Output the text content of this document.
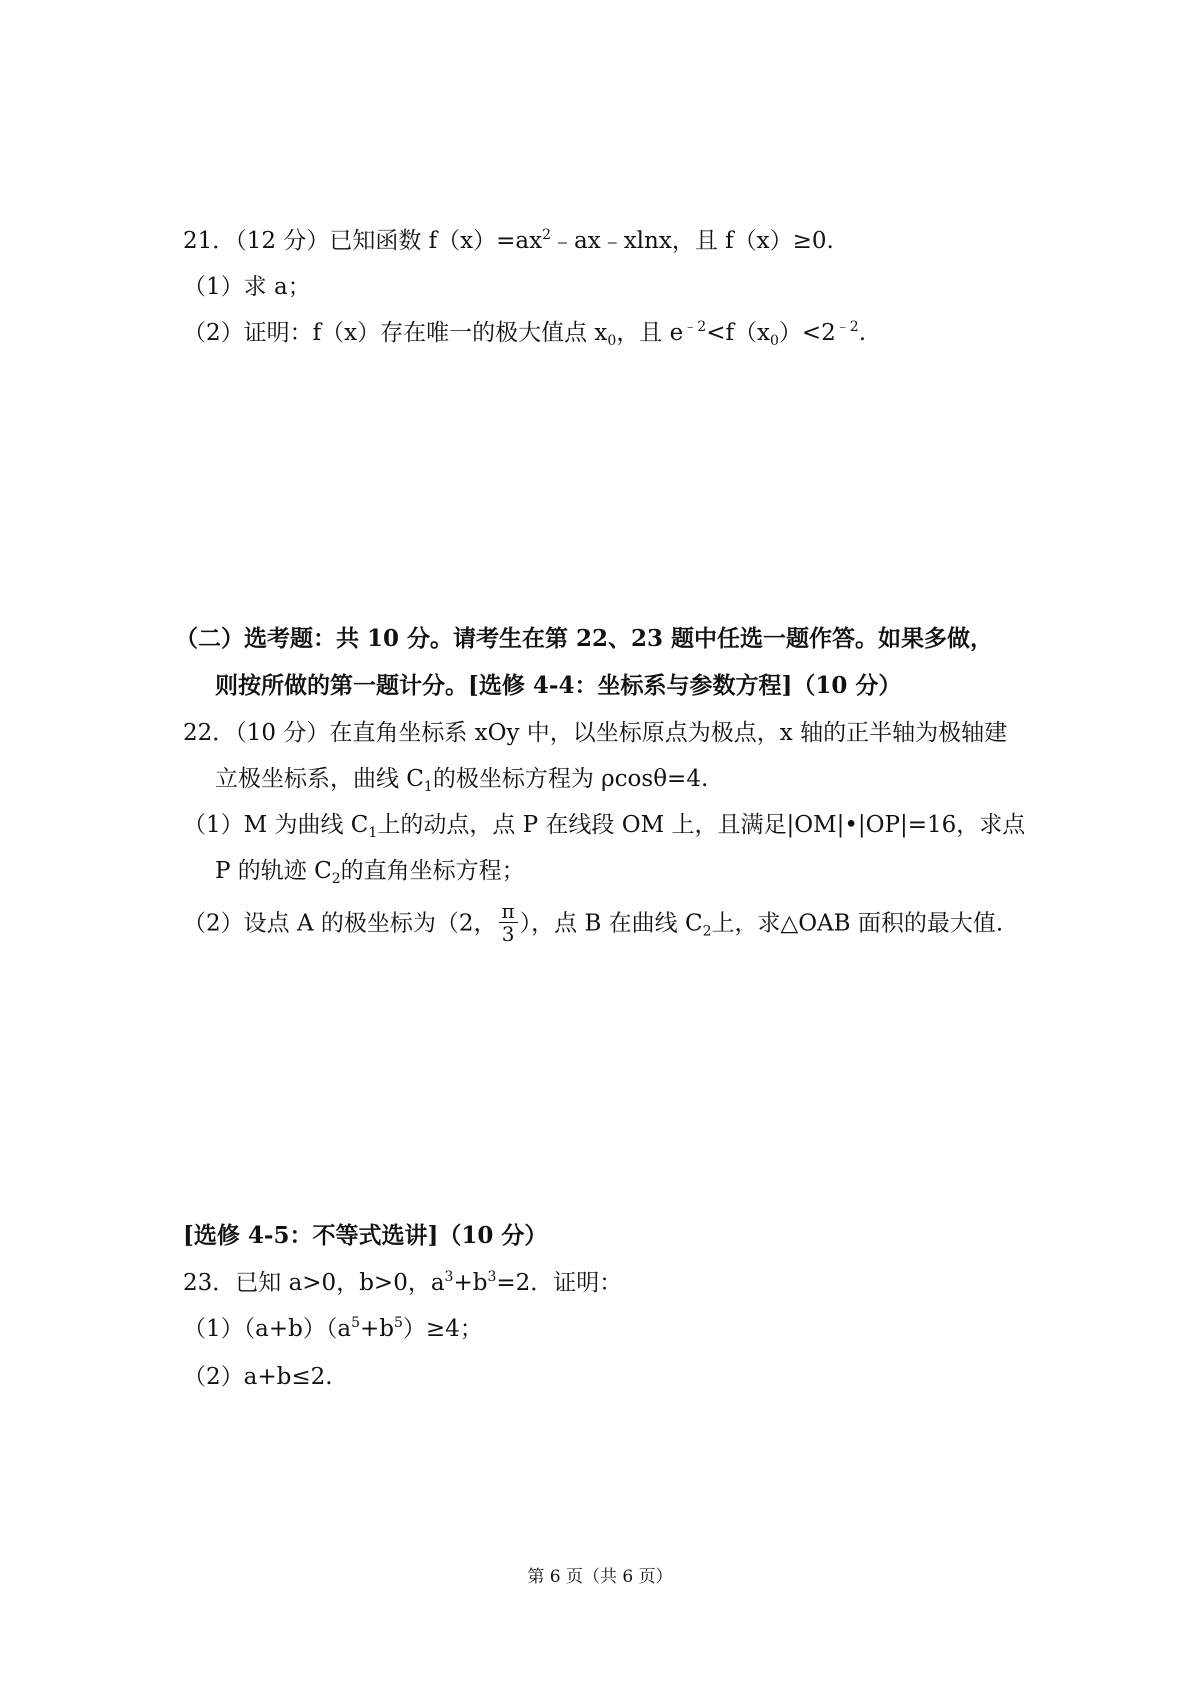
21．（12 分）已知函数 $f(x)=ax^2﹣ax﹣xlnx$，且 f（x）≥0.
（1）求 a；
（2）证明：f（x）存在唯一的极大值点 $x_0$，且 $e^{﹣2}<f(x_0)<2^{﹣2}$.
（二）选考题：共 10 分。请考生在第 22、23 题中任选一题作答。如果多做，
则按所做的第一题计分。[选修 4-4：坐标系与参数方程]（10 分）
22．（10 分）在直角坐标系 xOy 中，以坐标原点为极点，x 轴的正半轴为极轴建
立极坐标系，曲线 $C_1$的极坐标方程为 ρcosθ=4.
（1）M 为曲线 $C_1$上的动点，点 P 在线段 OM 上，且满足|OM|•|OP|=16，求点
P 的轨迹 $C_2$的直角坐标方程；
（2）设点 A 的极坐标为（2， $\frac{\pi}{3}$ ），点 B 在曲线 $C_2$上，求△OAB 面积的最大值.
[选修 4-5：不等式选讲]（10 分）
23．已知 a>0，b>0，$a^3+b^3=2$．证明：
$(1)(a+b)(a^5+b^5)\ge 4$；
（2）a+b≤2.
第 6 页（共 6 页）
